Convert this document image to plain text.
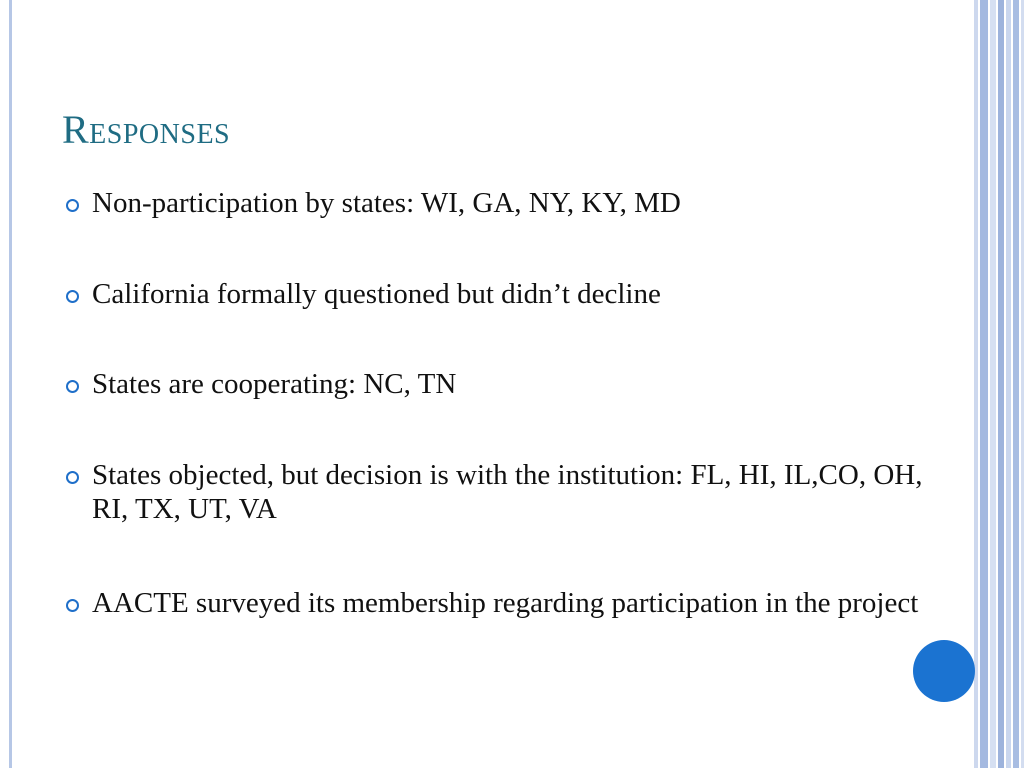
Responses
Non-participation by states: WI, GA, NY, KY, MD
California formally questioned but didn’t decline
States are cooperating: NC, TN
States objected, but decision is with the institution: FL, HI, IL,CO, OH, RI, TX, UT, VA
AACTE surveyed its membership regarding participation in the project
